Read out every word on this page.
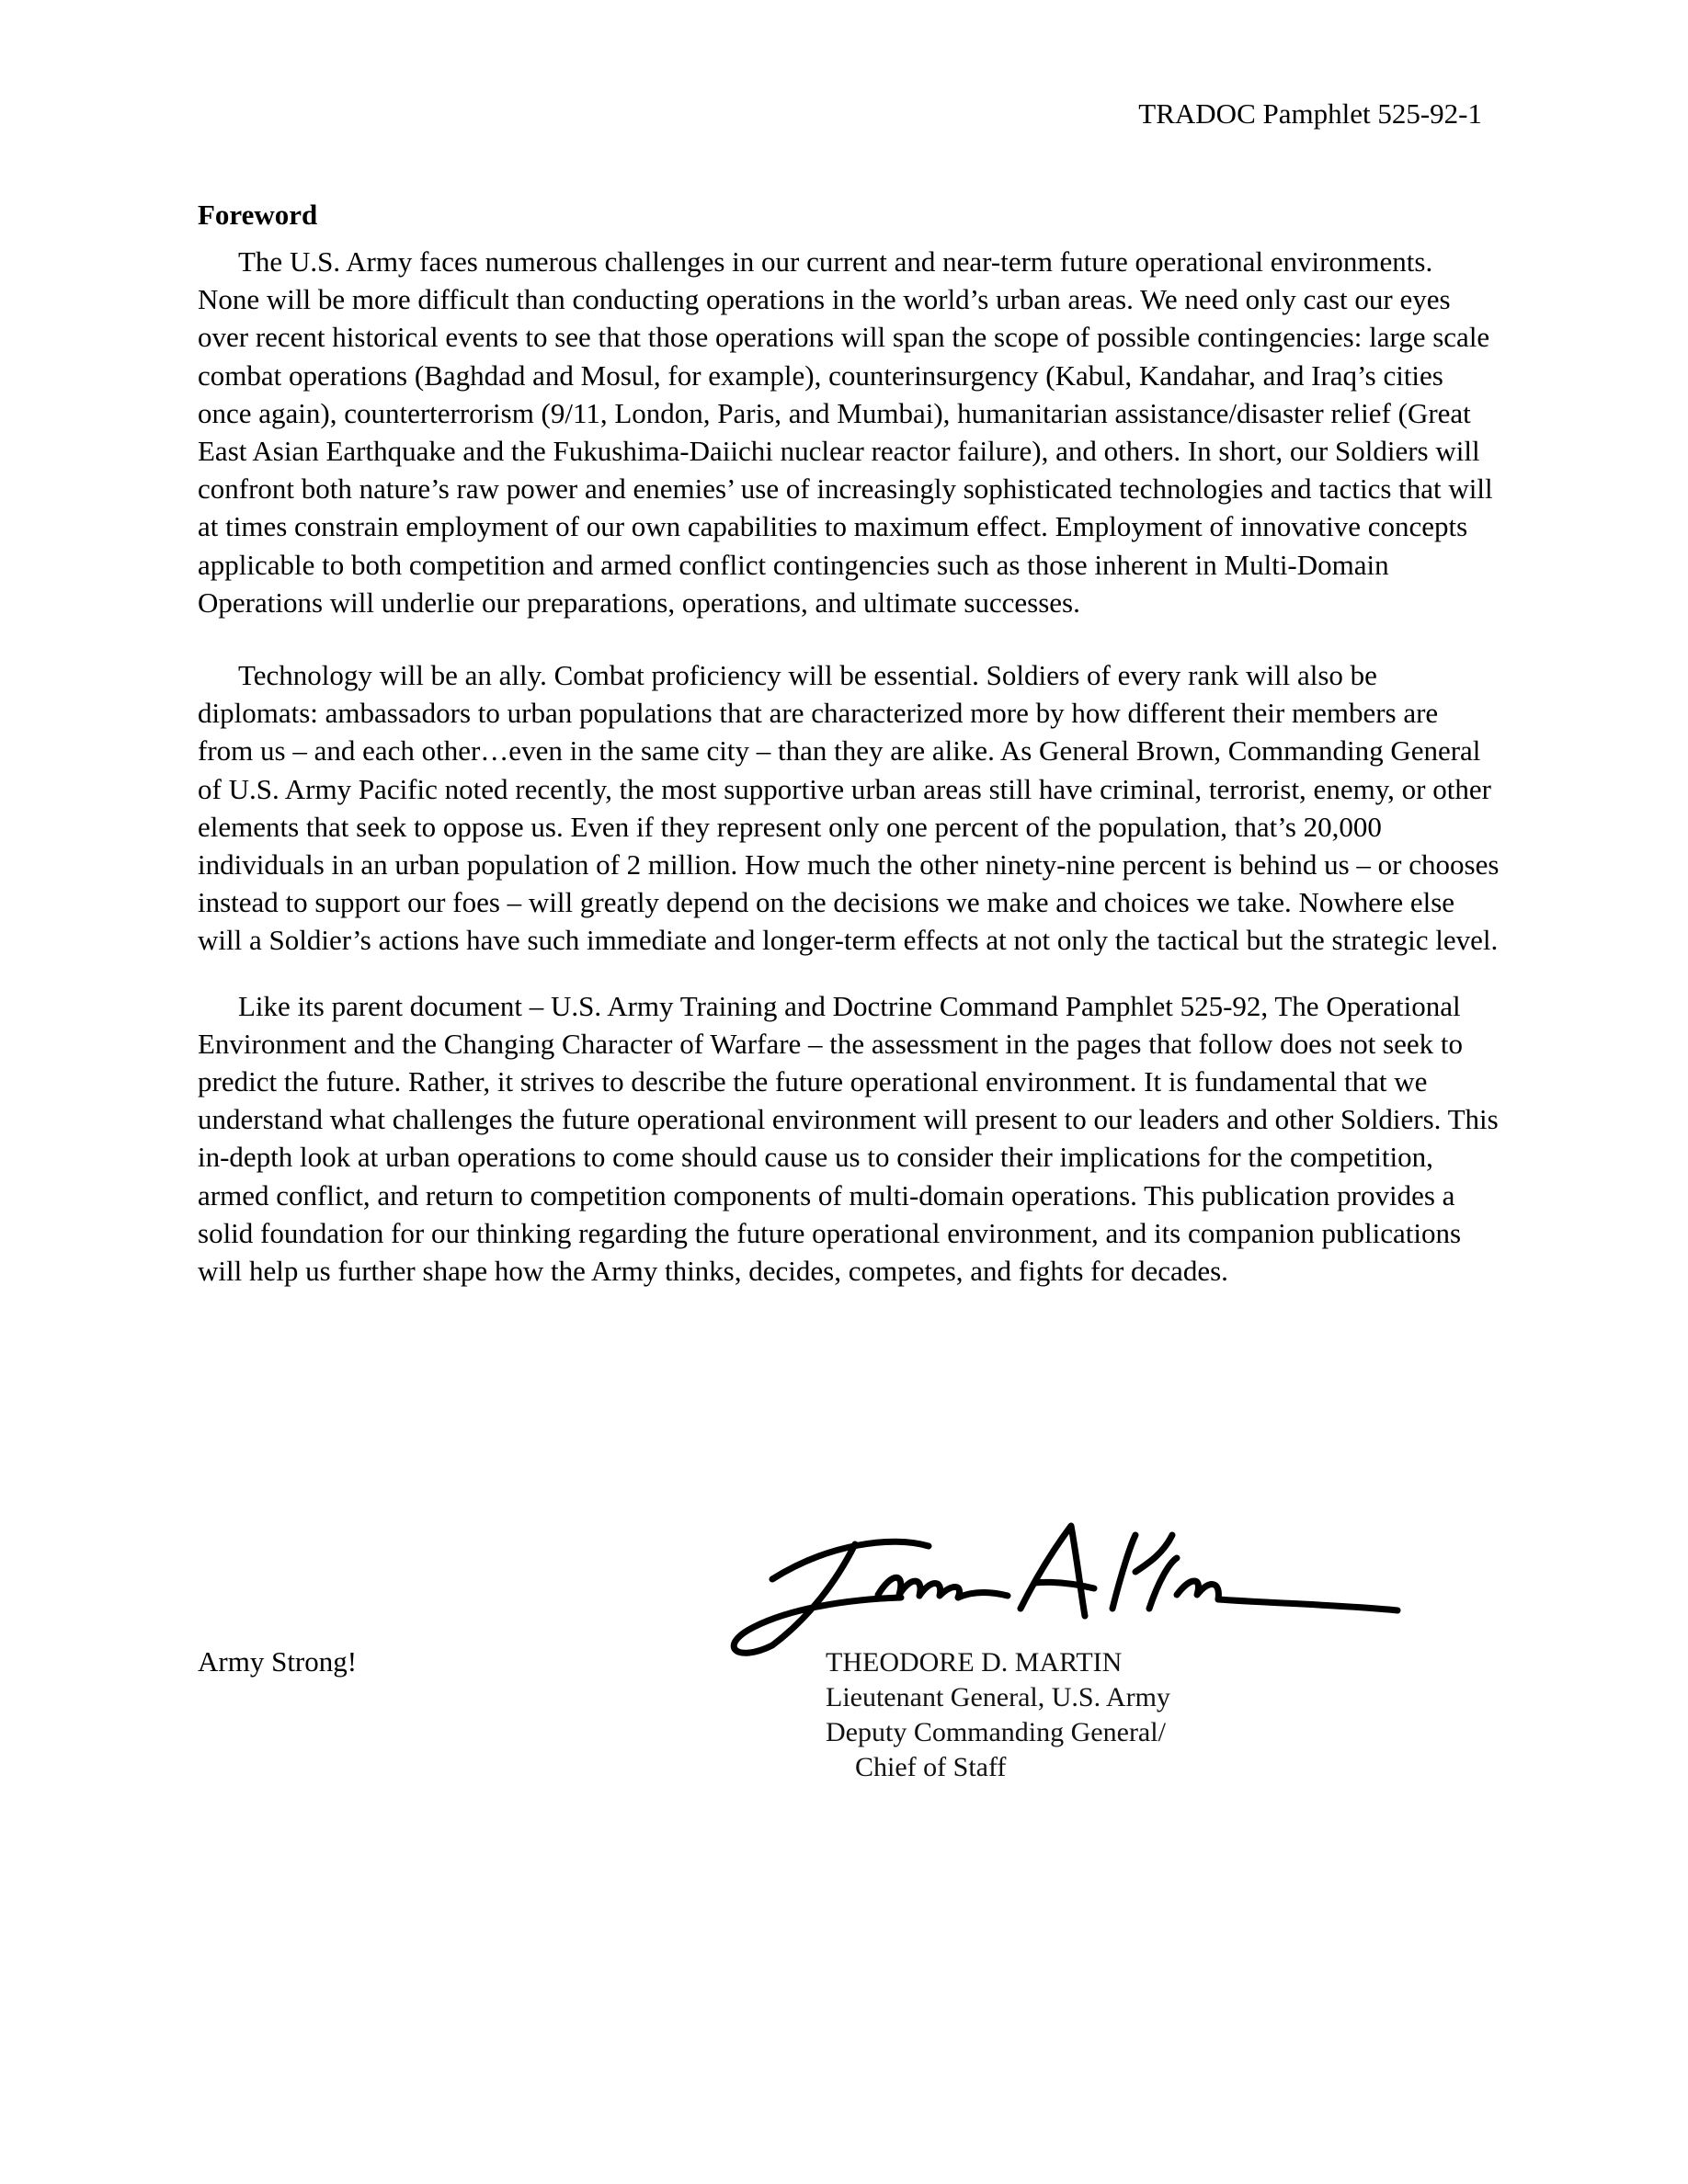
TRADOC Pamphlet 525-92-1
Foreword

The U.S. Army faces numerous challenges in our current and near-term future operational environments. None will be more difficult than conducting operations in the world’s urban areas. We need only cast our eyes over recent historical events to see that those operations will span the scope of possible contingencies: large scale combat operations (Baghdad and Mosul, for example), counterinsurgency (Kabul, Kandahar, and Iraq’s cities once again), counterterrorism (9/11, London, Paris, and Mumbai), humanitarian assistance/disaster relief (Great East Asian Earthquake and the Fukushima-Daiichi nuclear reactor failure), and others. In short, our Soldiers will confront both nature’s raw power and enemies’ use of increasingly sophisticated technologies and tactics that will at times constrain employment of our own capabilities to maximum effect. Employment of innovative concepts applicable to both competition and armed conflict contingencies such as those inherent in Multi-Domain Operations will underlie our preparations, operations, and ultimate successes.

Technology will be an ally. Combat proficiency will be essential. Soldiers of every rank will also be diplomats: ambassadors to urban populations that are characterized more by how different their members are from us – and each other…even in the same city – than they are alike. As General Brown, Commanding General of U.S. Army Pacific noted recently, the most supportive urban areas still have criminal, terrorist, enemy, or other elements that seek to oppose us. Even if they represent only one percent of the population, that’s 20,000 individuals in an urban population of 2 million. How much the other ninety-nine percent is behind us – or chooses instead to support our foes – will greatly depend on the decisions we make and choices we take. Nowhere else will a Soldier’s actions have such immediate and longer-term effects at not only the tactical but the strategic level.

Like its parent document – U.S. Army Training and Doctrine Command Pamphlet 525-92, The Operational Environment and the Changing Character of Warfare – the assessment in the pages that follow does not seek to predict the future. Rather, it strives to describe the future operational environment. It is fundamental that we understand what challenges the future operational environment will present to our leaders and other Soldiers. This in-depth look at urban operations to come should cause us to consider their implications for the competition, armed conflict, and return to competition components of multi-domain operations. This publication provides a solid foundation for our thinking regarding the future operational environment, and its companion publications will help us further shape how the Army thinks, decides, competes, and fights for decades.

Army Strong!	THEODORE D. MARTIN
Lieutenant General, U.S. Army
Deputy Commanding General/
Chief of Staff
